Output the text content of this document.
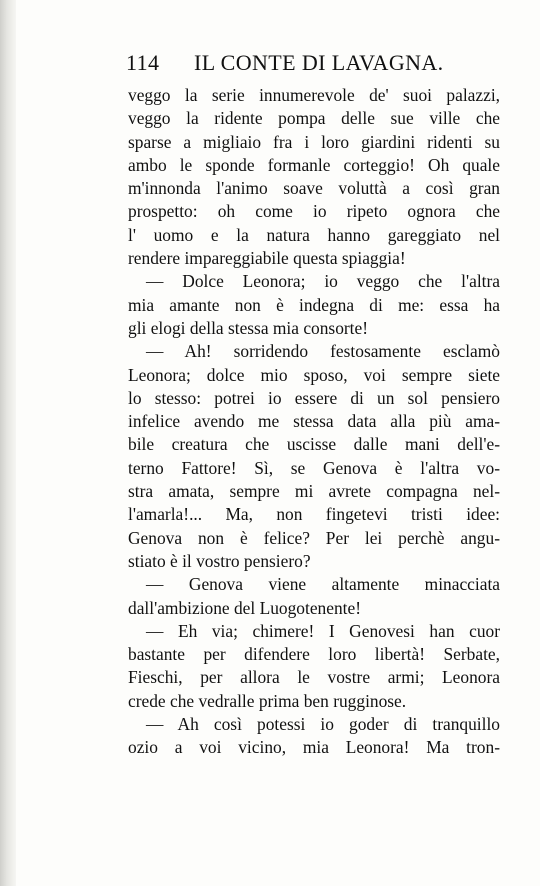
114 IL CONTE DI LAVAGNA.
veggo la serie innumerevole de' suoi palazzi,
veggo la ridente pompa delle sue ville che
sparse a migliaio fra i loro giardini ridenti su
ambo le sponde formanle corteggio! Oh quale
m'innonda l'animo soave voluttà a così gran
prospetto: oh come io ripeto ognora che
l' uomo e la natura hanno gareggiato nel
rendere impareggiabile questa spiaggia!
— Dolce Leonora; io veggo che l'altra
mia amante non è indegna di me: essa ha
gli elogi della stessa mia consorte!
— Ah! sorridendo festosamente esclamò
Leonora; dolce mio sposo, voi sempre siete
lo stesso: potrei io essere di un sol pensiero
infelice avendo me stessa data alla più ama-
bile creatura che uscisse dalle mani dell'e-
terno Fattore! Sì, se Genova è l'altra vo-
stra amata, sempre mi avrete compagna nel-
l'amarla!... Ma, non fingetevi tristi idee:
Genova non è felice? Per lei perchè angu-
stiato è il vostro pensiero?
— Genova viene altamente minacciata
dall'ambizione del Luogotenente!
— Eh via; chimere! I Genovesi han cuor
bastante per difendere loro libertà! Serbate,
Fieschi, per allora le vostre armi; Leonora
crede che vedralle prima ben rugginose.
— Ah così potessi io goder di tranquillo
ozio a voi vicino, mia Leonora! Ma tron-
